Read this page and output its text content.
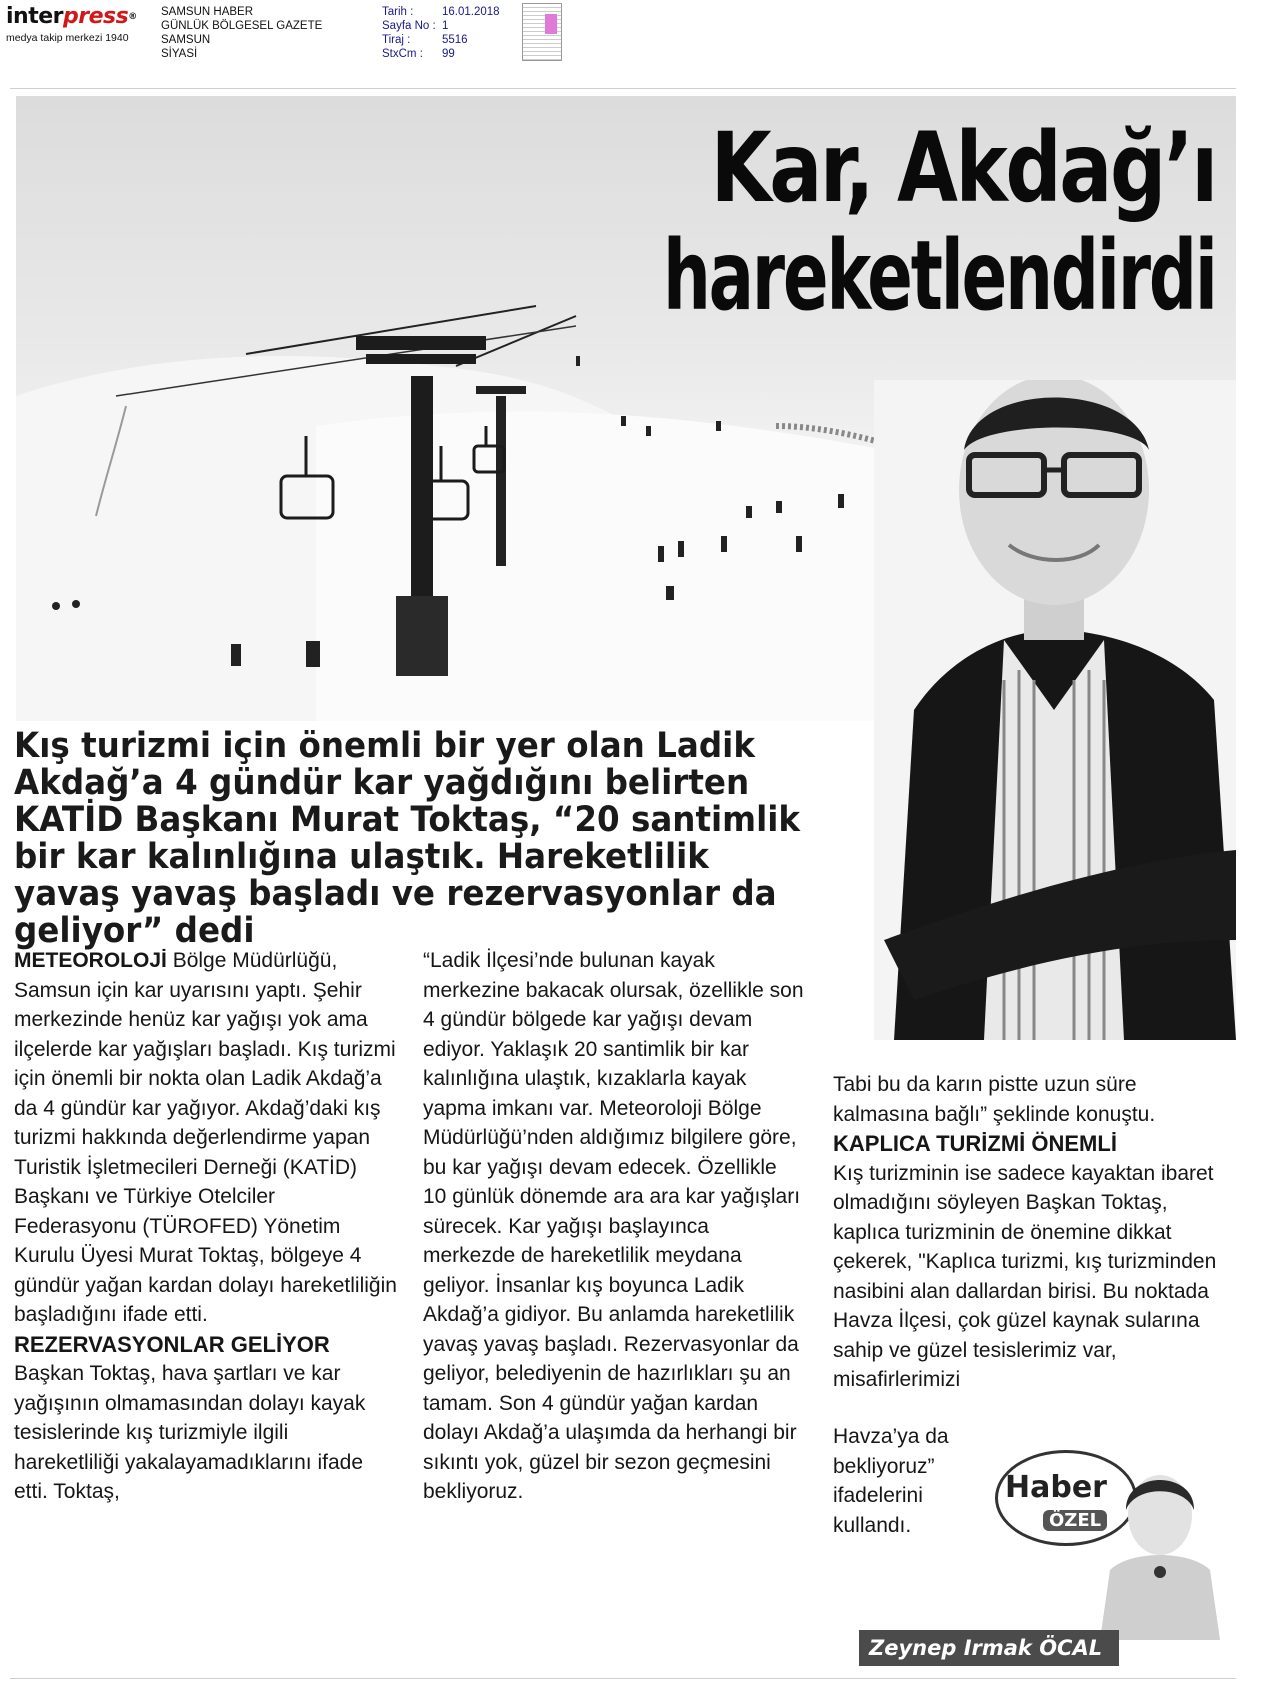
interpress®
medya takip merkezi 1940
SAMSUN HABER
GÜNLÜK BÖLGESEL GAZETE
SAMSUN
SİYASİ
Tarih :	16.01.2018
Sayfa No : 1
Tiraj :	5516
StxCm :	99
Kar, Akdağ’ı
hareketlendirdi
Kış turizmi için önemli bir yer olan Ladik Akdağ’a 4 gündür kar yağdığını belirten KATİD Başkanı Murat Toktaş, “20 santimlik bir kar kalınlığına ulaştık. Hareketlilik yavaş yavaş başladı ve rezervasyonlar da geliyor” dedi

METEOROLOJİ Bölge Müdürlüğü, Samsun için kar uyarısını yaptı. Şehir merkezinde henüz kar yağışı yok ama ilçelerde kar yağışları başladı. Kış turizmi için önemli bir nokta olan Ladik Akdağ’a da 4 gündür kar yağıyor. Akdağ’daki kış turizmi hakkında değerlendirme yapan Turistik İşletmecileri Derneği (KATİD) Başkanı ve Türkiye Otelciler Federasyonu (TÜROFED) Yönetim Kurulu Üyesi Murat Toktaş, bölgeye 4 gündür yağan kardan dolayı hareketliliğin başladığını ifade etti.

REZERVASYONLAR GELİYOR

Başkan Toktaş, hava şartları ve kar yağışının olmamasından dolayı kayak tesislerinde kış turizmiyle ilgili hareketliliği yakalayamadıklarını ifade etti. Toktaş,

“Ladik İlçesi’nde bulunan kayak merkezine bakacak olursak, özellikle son 4 gündür bölgede kar yağışı devam ediyor. Yaklaşık 20 santimlik bir kar kalınlığına ulaştık, kızaklarla kayak yapma imkanı var. Meteoroloji Bölge Müdürlüğü’nden aldığımız bilgilere göre, bu kar yağışı devam edecek. Özellikle 10 günlük dönemde ara ara kar yağışları sürecek. Kar yağışı başlayınca merkezde de hareketlilik meydana geliyor. İnsanlar kış boyunca Ladik Akdağ’a gidiyor. Bu anlamda hareketlilik yavaş yavaş başladı. Rezervasyonlar da geliyor, belediyenin de hazırlıkları şu an tamam. Son 4 gündür yağan kardan dolayı Akdağ’a ulaşımda da herhangi bir sıkıntı yok, güzel bir sezon geçmesini bekliyoruz.

Tabi bu da karın pistte uzun süre kalmasına bağlı” şeklinde konuştu.

KAPLICA TURİZMİ ÖNEMLİ

Kış turizminin ise sadece kayaktan ibaret olmadığını söyleyen Başkan Toktaş, kaplıca turizminin de önemine dikkat çekerek, "Kaplıca turizmi, kış turizminden nasibini alan dallardan birisi. Bu noktada Havza İlçesi, çok güzel kaynak sularına sahip ve güzel tesislerimiz var, misafirlerimizi

Havza’ya da bekliyoruz” ifadelerini kullandı.

Haber
ÖZEL
Zeynep Irmak ÖCAL
